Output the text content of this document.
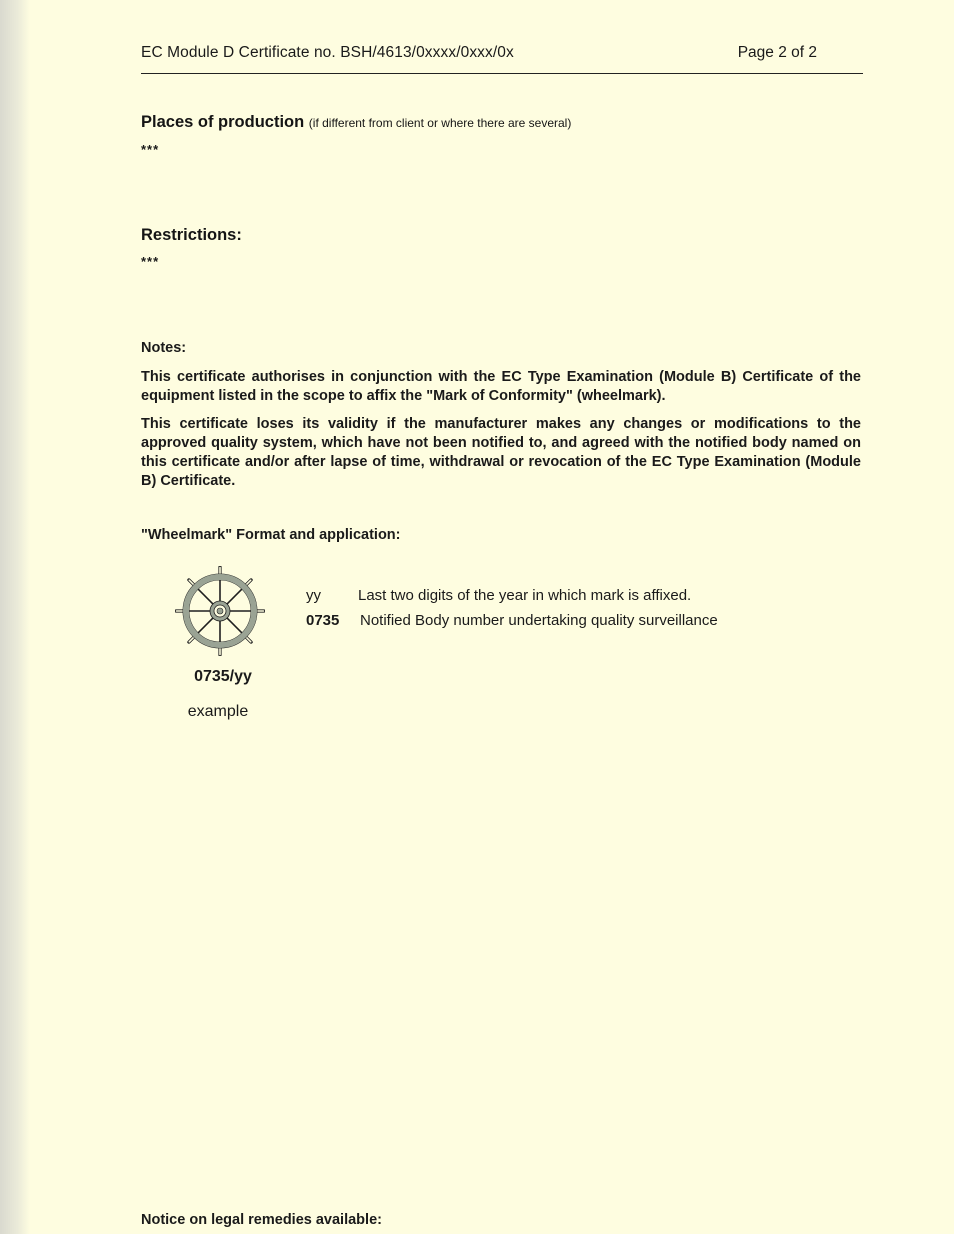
EC Module D Certificate no. BSH/4613/0xxxx/0xxx/0x	Page 2 of 2
Places of production (if different from client or where there are several)
***
Restrictions:
***
Notes:
This certificate authorises in conjunction with the EC Type Examination (Module B) Certificate of the equipment listed in the scope to affix the "Mark of Conformity" (wheelmark).
This certificate loses its validity if the manufacturer makes any changes or modifications to the approved quality system, which have not been notified to, and agreed with the notified body named on this certificate and/or after lapse of time, withdrawal or revocation of the EC Type Examination (Module B) Certificate.
"Wheelmark" Format and application:
0735/yy
example
yy Last two digits of the year in which mark is affixed.
0735 Notified Body number undertaking quality surveillance
Notice on legal remedies available:
